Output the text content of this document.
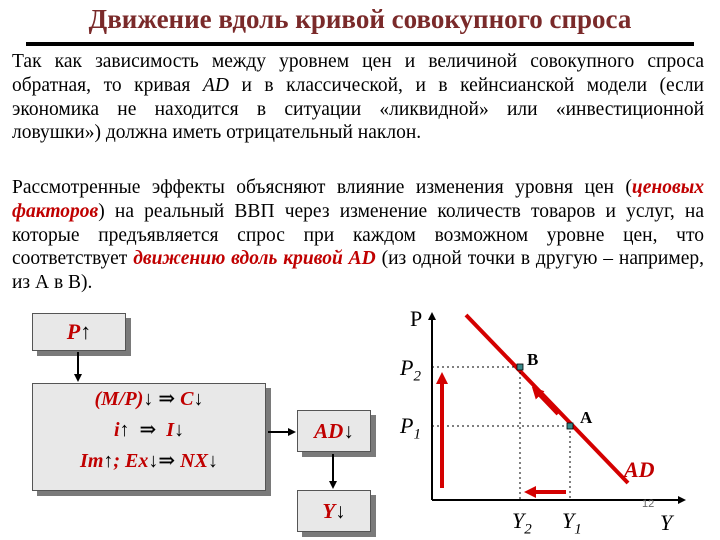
Движение вдоль кривой совокупного спроса
Так как зависимость между уровнем цен и величиной совокупного спроса обратная, то кривая AD и в классической, и в кейнсианской модели (если экономика не находится в ситуации «ликвидной» или «инвестиционной ловушки») должна иметь отрицательный наклон.
Рассмотренные эффекты объясняют влияние изменения уровня цен (ценовых факторов) на реальный ВВП через изменение количеств товаров и услуг, на которые предъявляется спрос при каждом возможном уровне цен, что соответствует движению вдоль кривой AD (из одной точки в другую – например, из А в В).
P↑
(M/P)↓ ⇒ C↓
i↑ ⇒ I↓
Im↑; Ex↓⇒ NX↓
AD↓
Y↓
P
$P_2$
$P_1$
B
A
AD
$Y_2$ $Y_1$	Y
12
